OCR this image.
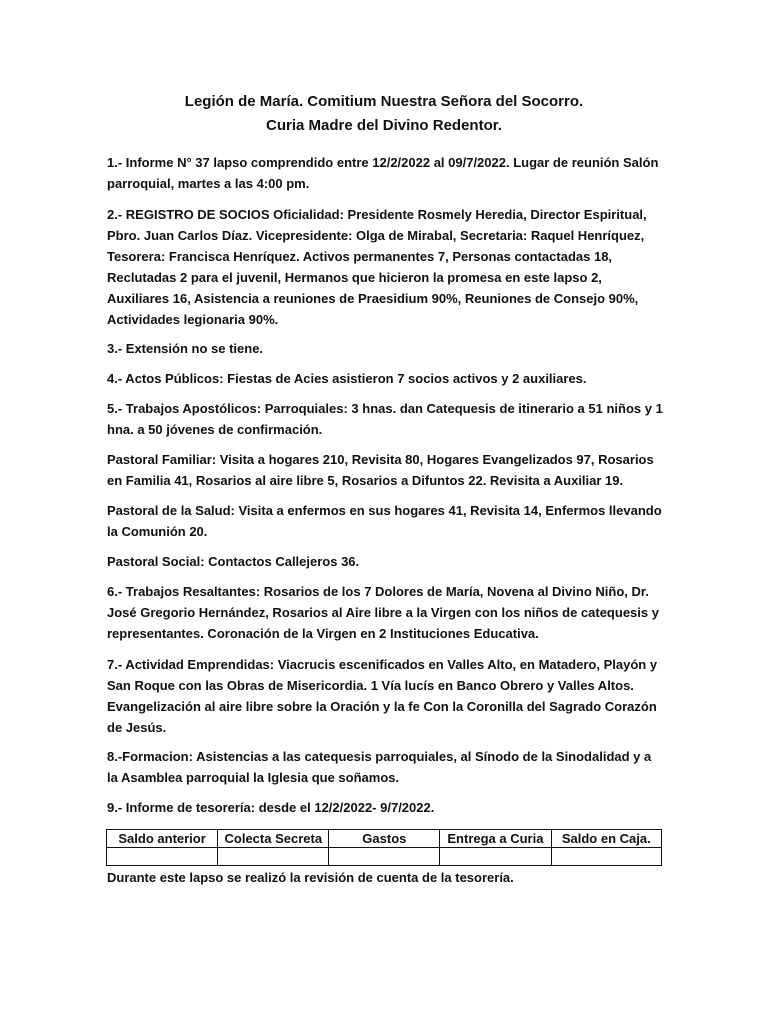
Legión de María. Comitium Nuestra Señora del Socorro.
Curia Madre del Divino Redentor.
1.- Informe N° 37 lapso comprendido entre 12/2/2022 al 09/7/2022. Lugar de reunión Salón parroquial, martes a las 4:00 pm.
2.- REGISTRO DE SOCIOS Oficialidad: Presidente Rosmely Heredia, Director Espiritual, Pbro. Juan Carlos Díaz. Vicepresidente: Olga de Mirabal, Secretaria: Raquel Henríquez, Tesorera: Francisca Henríquez. Activos permanentes 7, Personas contactadas 18, Reclutadas 2 para el juvenil, Hermanos que hicieron la promesa en este lapso 2, Auxiliares 16, Asistencia a reuniones de Praesidium 90%, Reuniones de Consejo 90%, Actividades legionaria 90%.
3.- Extensión no se tiene.
4.- Actos Públicos: Fiestas de Acies asistieron 7 socios activos y 2 auxiliares.
5.- Trabajos Apostólicos: Parroquiales: 3 hnas. dan Catequesis de itinerario a 51 niños y 1 hna. a 50 jóvenes de confirmación.
Pastoral Familiar: Visita a hogares 210, Revisita 80, Hogares Evangelizados 97, Rosarios en Familia 41, Rosarios al aire libre 5, Rosarios a Difuntos 22. Revisita a Auxiliar 19.
Pastoral de la Salud: Visita a enfermos en sus hogares 41, Revisita 14, Enfermos llevando la Comunión 20.
Pastoral Social: Contactos Callejeros 36.
6.- Trabajos Resaltantes: Rosarios de los 7 Dolores de María, Novena al Divino Niño, Dr. José Gregorio Hernández, Rosarios al Aire libre a la Virgen con los niños de catequesis y representantes. Coronación de la Virgen en 2 Instituciones Educativa.
7.- Actividad Emprendidas: Viacrucis escenificados en Valles Alto, en Matadero, Playón y San Roque con las Obras de Misericordia. 1 Vía lucís en Banco Obrero y Valles Altos. Evangelización al aire libre sobre la Oración y la fe Con la Coronilla del Sagrado Corazón de Jesús.
8.-Formacion: Asistencias a las catequesis parroquiales, al Sínodo de la Sinodalidad y a la Asamblea parroquial la Iglesia que soñamos.
9.- Informe de tesorería: desde el 12/2/2022- 9/7/2022.
Saldo anterior	Colecta Secreta	Gastos	Entrega a Curia	Saldo en Caja.

Durante este lapso se realizó la revisión de cuenta de la tesorería.
